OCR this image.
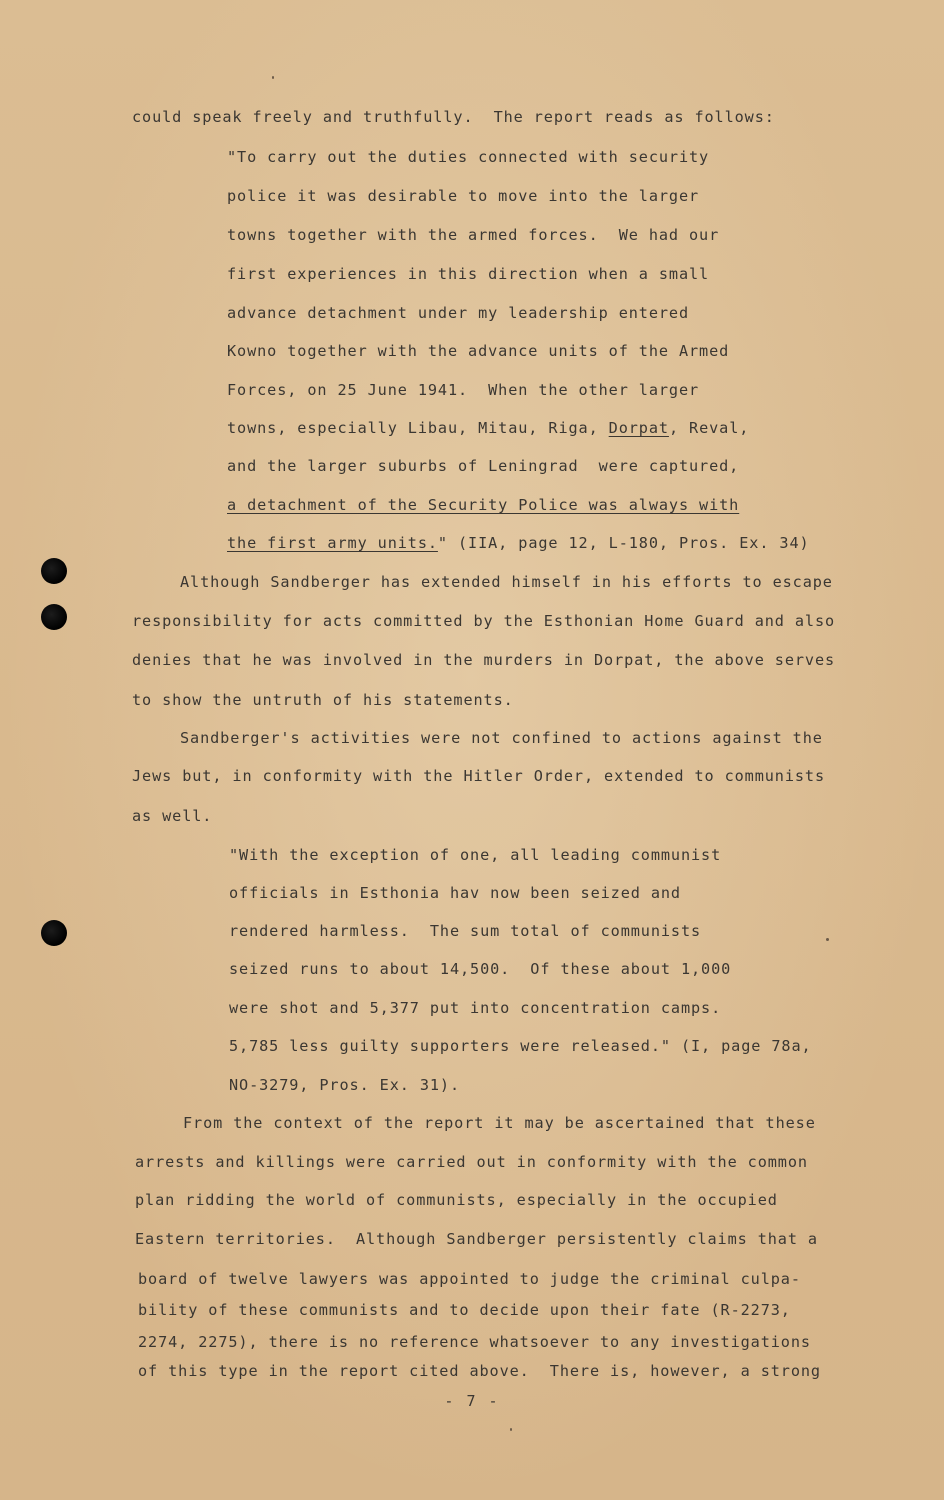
could speak freely and truthfully.  The report reads as follows:
"To carry out the duties connected with security
police it was desirable to move into the larger
towns together with the armed forces.  We had our
first experiences in this direction when a small
advance detachment under my leadership entered
Kowno together with the advance units of the Armed
Forces, on 25 June 1941.  When the other larger
towns, especially Libau, Mitau, Riga, Dorpat, Reval,
and the larger suburbs of Leningrad  were captured,
a detachment of the Security Police was always with
the first army units." (IIA, page 12, L-180, Pros. Ex. 34)
Although Sandberger has extended himself in his efforts to escape
responsibility for acts committed by the Esthonian Home Guard and also
denies that he was involved in the murders in Dorpat, the above serves
to show the untruth of his statements.
Sandberger's activities were not confined to actions against the
Jews but, in conformity with the Hitler Order, extended to communists
as well.
"With the exception of one, all leading communist
officials in Esthonia hav now been seized and
rendered harmless.  The sum total of communists
seized runs to about 14,500.  Of these about 1,000
were shot and 5,377 put into concentration camps.
5,785 less guilty supporters were released." (I, page 78a,
NO-3279, Pros. Ex. 31).
From the context of the report it may be ascertained that these
arrests and killings were carried out in conformity with the common
plan ridding the world of communists, especially in the occupied
Eastern territories.  Although Sandberger persistently claims that a
board of twelve lawyers was appointed to judge the criminal culpa-
bility of these communists and to decide upon their fate (R-2273,
2274, 2275), there is no reference whatsoever to any investigations
of this type in the report cited above.  There is, however, a strong
- 7 -
